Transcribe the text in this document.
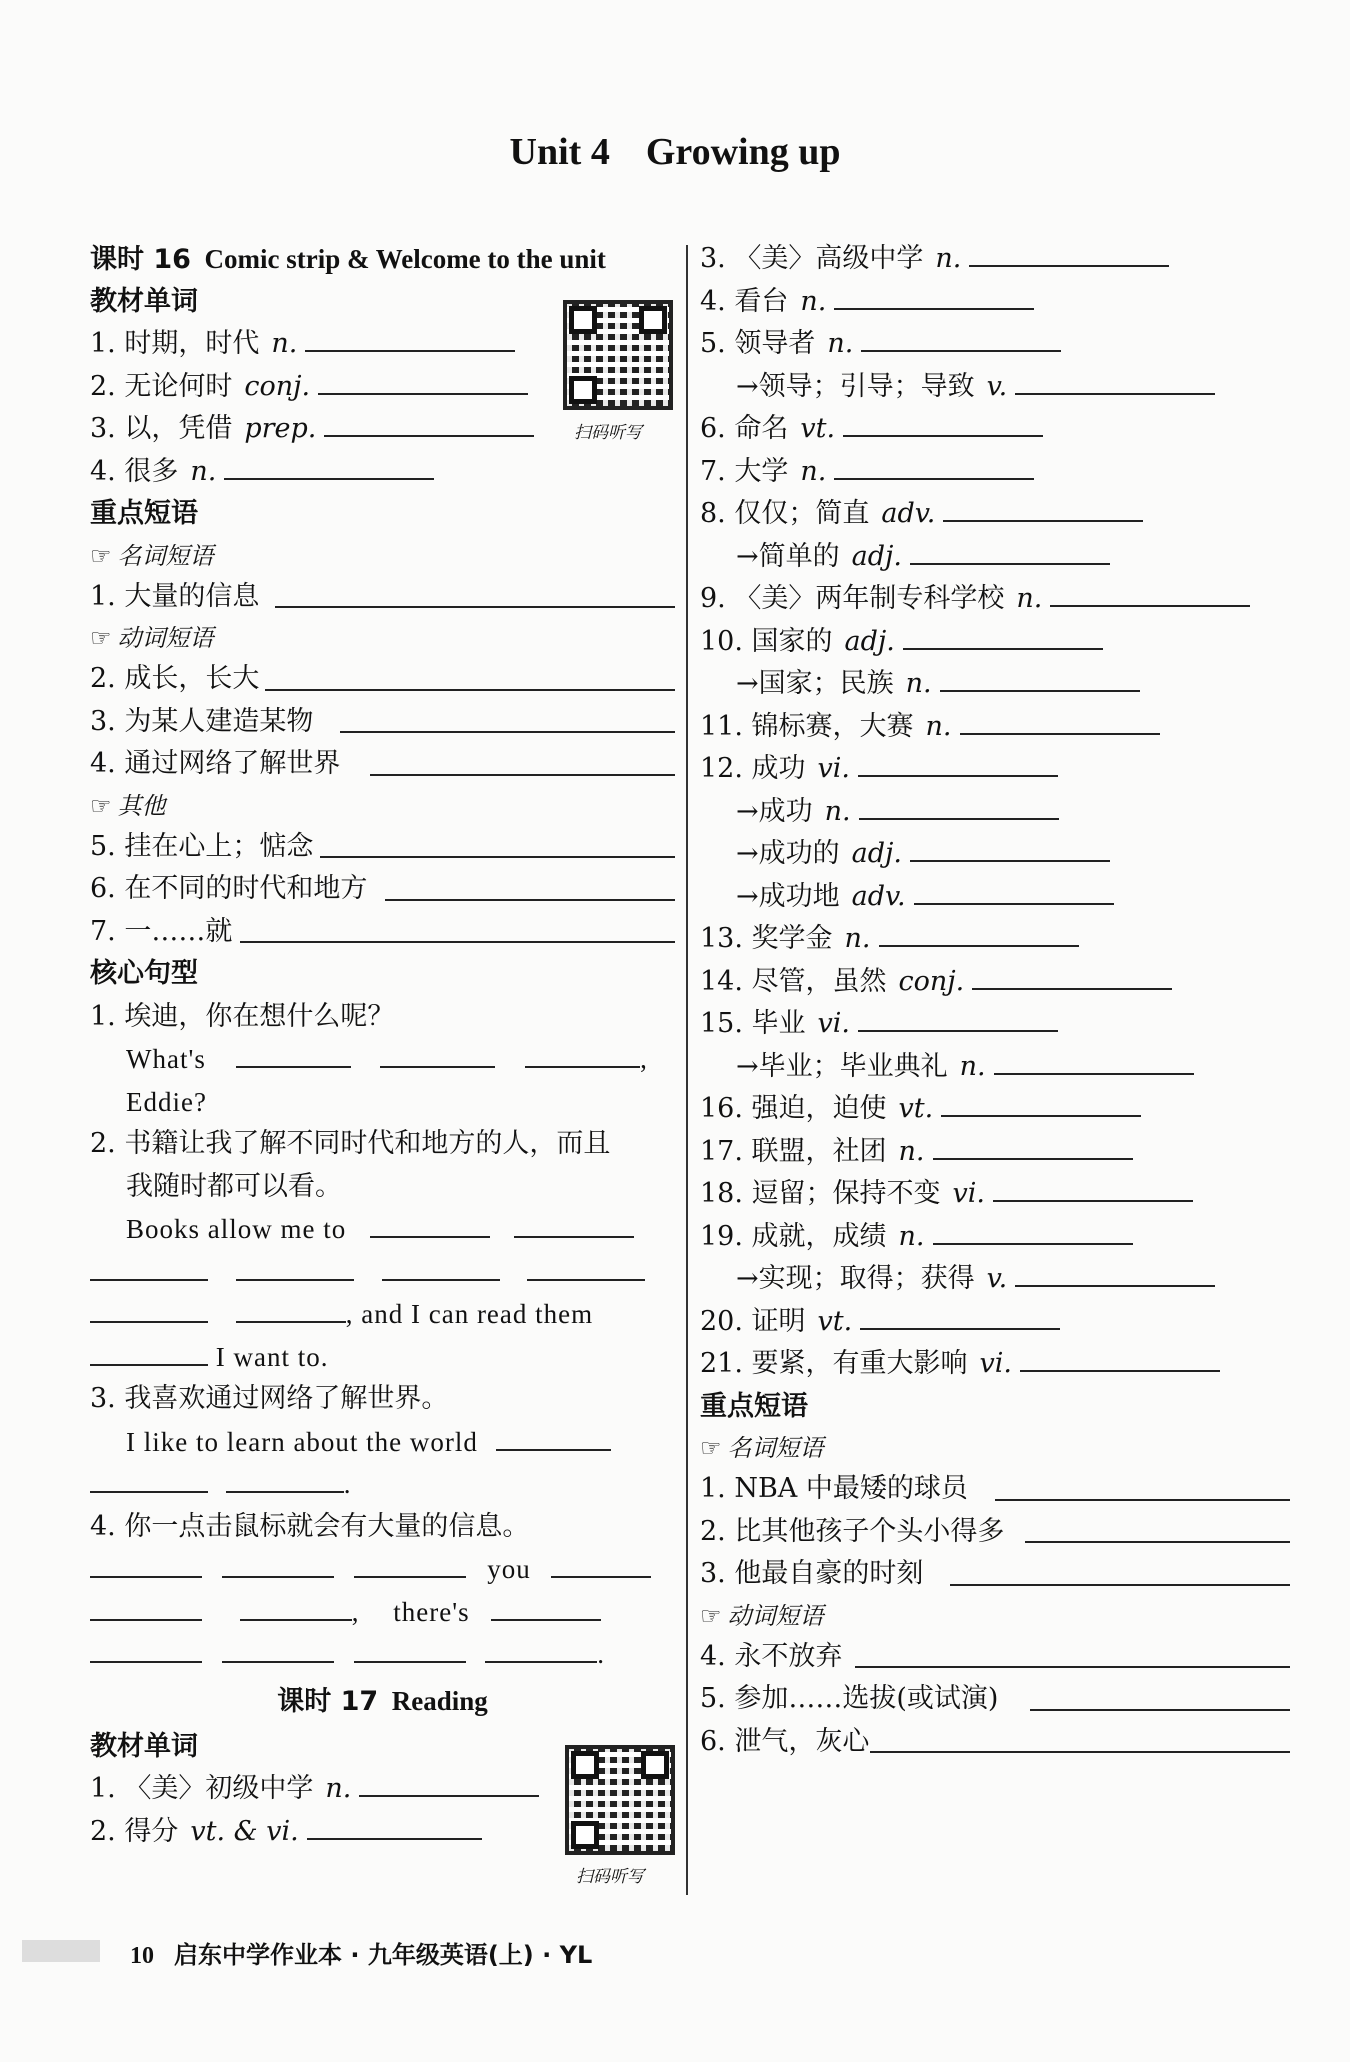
Unit 4 Growing up
课时 16 Comic strip & Welcome to the unit
教材单词
1. 时期，时代 n.
2. 无论何时 conj.
3. 以，凭借 prep.
4. 很多 n.
重点短语
☞ 名词短语
1. 大量的信息
☞ 动词短语
2. 成长，长大
3. 为某人建造某物
4. 通过网络了解世界
☞ 其他
5. 挂在心上；惦念
6. 在不同的时代和地方
7. 一……就
核心句型
1. 埃迪，你在想什么呢？
What's	,
Eddie?
2. 书籍让我了解不同时代和地方的人，而且
我随时都可以看。
Books allow me to

, and I can read them
I want to.
3. 我喜欢通过网络了解世界。
I like to learn about the world
.
4. 你一点击鼠标就会有大量的信息。
you
, there's
.
课时 17 Reading
教材单词
1. 〈美〉初级中学 n.
2. 得分 vt. & vi.
扫码听写
扫码听写
3. 〈美〉高级中学 n.
4. 看台 n.
5. 领导者 n.
→领导；引导；导致 v.
6. 命名 vt.
7. 大学 n.
8. 仅仅；简直 adv.
→简单的 adj.
9. 〈美〉两年制专科学校 n.
10. 国家的 adj.
→国家；民族 n.
11. 锦标赛，大赛 n.
12. 成功 vi.
→成功 n.
→成功的 adj.
→成功地 adv.
13. 奖学金 n.
14. 尽管，虽然 conj.
15. 毕业 vi.
→毕业；毕业典礼 n.
16. 强迫，迫使 vt.
17. 联盟，社团 n.
18. 逗留；保持不变 vi.
19. 成就，成绩 n.
→实现；取得；获得 v.
20. 证明 vt.
21. 要紧，有重大影响 vi.
重点短语
☞ 名词短语
1. NBA 中最矮的球员
2. 比其他孩子个头小得多
3. 他最自豪的时刻
☞ 动词短语
4. 永不放弃
5. 参加……选拔(或试演)
6. 泄气，灰心
10 启东中学作业本 · 九年级英语(上) · YL
